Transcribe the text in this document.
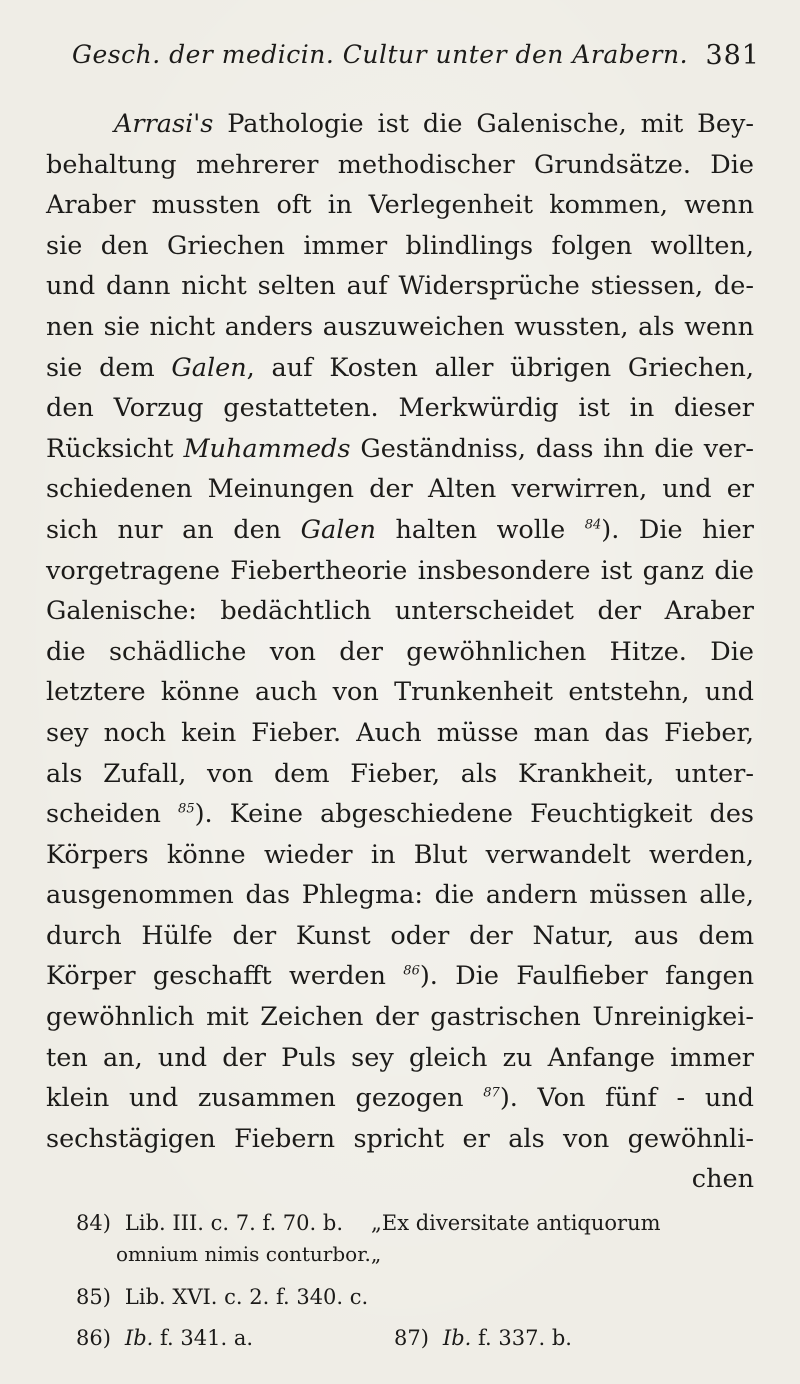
Gesch. der medicin. Cultur unter den Arabern. 381
Arrasi's Pathologie ist die Galenische, mit Bey-
behaltung mehrerer methodischer Grundsätze. Die
Araber mussten oft in Verlegenheit kommen, wenn
sie den Griechen immer blindlings folgen wollten,
und dann nicht selten auf Widersprüche stiessen, de-
nen sie nicht anders auszuweichen wussten, als wenn
sie dem Galen, auf Kosten aller übrigen Griechen,
den Vorzug gestatteten. Merkwürdig ist in dieser
Rücksicht Muhammeds Geständniss, dass ihn die ver-
schiedenen Meinungen der Alten verwirren, und er
sich nur an den Galen halten wolle $^{84}$). Die hier
vorgetragene Fiebertheorie insbesondere ist ganz die
Galenische: bedächtlich unterscheidet der Araber
die schädliche von der gewöhnlichen Hitze. Die
letztere könne auch von Trunkenheit entstehn, und
sey noch kein Fieber. Auch müsse man das Fieber,
als Zufall, von dem Fieber, als Krankheit, unter-
scheiden $^{85}$). Keine abgeschiedene Feuchtigkeit des
Körpers könne wieder in Blut verwandelt werden,
ausgenommen das Phlegma: die andern müssen alle,
durch Hülfe der Kunst oder der Natur, aus dem
Körper geschafft werden $^{86}$). Die Faulfieber fangen
gewöhnlich mit Zeichen der gastrischen Unreinigkei-
ten an, und der Puls sey gleich zu Anfange immer
klein und zusammen gezogen $^{87}$). Von fünf - und
sechstägigen Fiebern spricht er als von gewöhnli-
chen
84) Lib. III. c. 7. f. 70. b. „Ex diversitate antiquorum
omnium nimis conturbor.„
85) Lib. XVI. c. 2. f. 340. c.
86) Ib. f. 341. a.	87) Ib. f. 337. b.
